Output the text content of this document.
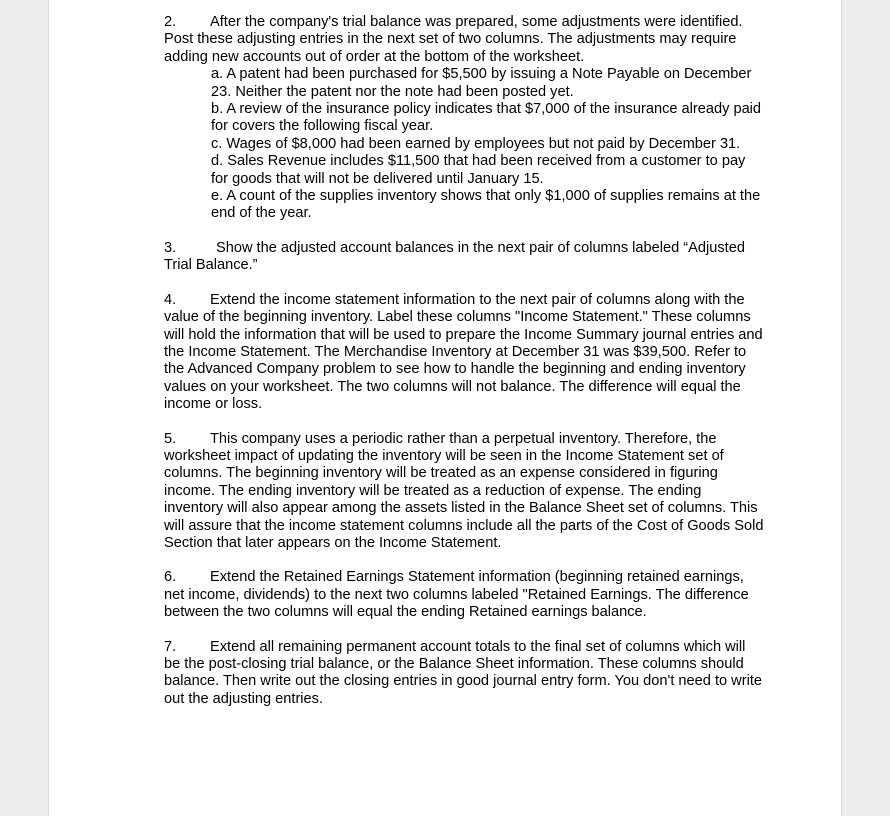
2. After the company's trial balance was prepared, some adjustments were identified. Post these adjusting entries in the next set of two columns. The adjustments may require adding new accounts out of order at the bottom of the worksheet.

a. A patent had been purchased for $5,500 by issuing a Note Payable on December 23. Neither the patent nor the note had been posted yet.
b. A review of the insurance policy indicates that $7,000 of the insurance already paid for covers the following fiscal year.
c. Wages of $8,000 had been earned by employees but not paid by December 31.
d. Sales Revenue includes $11,500 that had been received from a customer to pay for goods that will not be delivered until January 15.
e. A count of the supplies inventory shows that only $1,000 of supplies remains at the end of the year.

3.	Show the adjusted account balances in the next pair of columns labeled “Adjusted Trial Balance.”

4. Extend the income statement information to the next pair of columns along with the value of the beginning inventory. Label these columns "Income Statement." These columns will hold the information that will be used to prepare the Income Summary journal entries and the Income Statement. The Merchandise Inventory at December 31 was $39,500. Refer to the Advanced Company problem to see how to handle the beginning and ending inventory values on your worksheet. The two columns will not balance. The difference will equal the income or loss.

5. This company uses a periodic rather than a perpetual inventory. Therefore, the worksheet impact of updating the inventory will be seen in the Income Statement set of columns. The beginning inventory will be treated as an expense considered in figuring income. The ending inventory will be treated as a reduction of expense. The ending inventory will also appear among the assets listed in the Balance Sheet set of columns. This will assure that the income statement columns include all the parts of the Cost of Goods Sold Section that later appears on the Income Statement.

6. Extend the Retained Earnings Statement information (beginning retained earnings, net income, dividends) to the next two columns labeled "Retained Earnings. The difference between the two columns will equal the ending Retained earnings balance.

7. Extend all remaining permanent account totals to the final set of columns which will be the post-closing trial balance, or the Balance Sheet information. These columns should balance. Then write out the closing entries in good journal entry form. You don't need to write out the adjusting entries.
